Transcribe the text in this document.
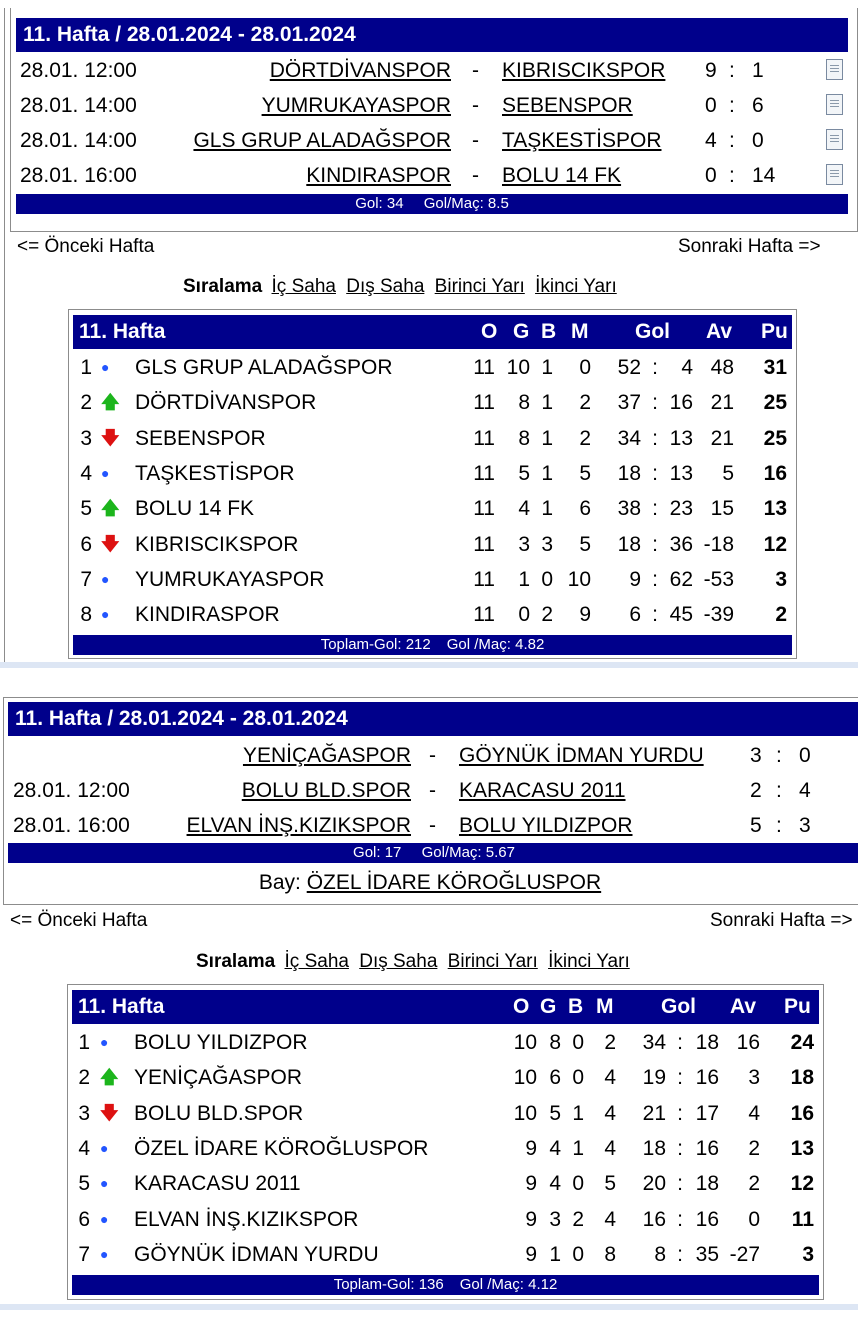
11. Hafta / 28.01.2024 - 28.01.2024
28.01. 12:00	DÖRTDİVANSPOR - KIBRISCIKSPOR 9 : 1
28.01. 14:00	YUMRUKAYASPOR - SEBENSPOR	0 : 6
28.01. 14:00	GLS GRUP ALADAĞSPOR - TAŞKESTİSPOR 4 : 0
28.01. 16:00	KINDIRASPOR - BOLU 14 FK	0 : 14
Gol: 34 Gol/Maç: 8.5
<= Önceki Hafta	Sonraki Hafta =>
Sıralama İç Saha Dış Saha Birinci Yarı İkinci Yarı
11. Hafta	O G B M Gol Av Pu
1 ● GLS GRUP ALADAĞSPOR	11 10 1 0 52 : 4 48 31
2 🡅 DÖRTDİVANSPOR	11 8 1 2 37 : 16 21 25
3 🡇 SEBENSPOR	11 8 1 2 34 : 13 21 25
4 ● TAŞKESTİSPOR	11 5 1 5 18 : 13 5 16
5 🡅 BOLU 14 FK	11 4 1 6 38 : 23 15 13
6 🡇 KIBRISCIKSPOR	11 3 3 5 18 : 36 -18 12
7 ● YUMRUKAYASPOR	11 1 0 10 9 : 62 -53 3
8 ● KINDIRASPOR	11 0 2 9 6 : 45 -39 2
Toplam-Gol: 212 Gol /Maç: 4.82
11. Hafta / 28.01.2024 - 28.01.2024
YENİÇAĞASPOR - GÖYNÜK İDMAN YURDU 3 : 0
28.01. 12:00	BOLU BLD.SPOR - KARACASU 2011	2 : 4
28.01. 16:00	ELVAN İNŞ.KIZIKSPOR - BOLU YILDIZPOR	5 : 3
Gol: 17 Gol/Maç: 5.67
Bay: ÖZEL İDARE KÖROĞLUSPOR
<= Önceki Hafta	Sonraki Hafta =>
Sıralama İç Saha Dış Saha Birinci Yarı İkinci Yarı
11. Hafta	O G B M Gol Av Pu
1 ● BOLU YILDIZPOR	10 8 0 2 34 : 18 16 24
2 🡅 YENİÇAĞASPOR	10 6 0 4 19 : 16 3 18
3 🡇 BOLU BLD.SPOR	10 5 1 4 21 : 17 4 16
4 ● ÖZEL İDARE KÖROĞLUSPOR	9 4 1 4 18 : 16 2 13
5 ● KARACASU 2011	9 4 0 5 20 : 18 2 12
6 ● ELVAN İNŞ.KIZIKSPOR	9 3 2 4 16 : 16 0 11
7 ● GÖYNÜK İDMAN YURDU	9 1 0 8 8 : 35 -27 3
Toplam-Gol: 136 Gol /Maç: 4.12
